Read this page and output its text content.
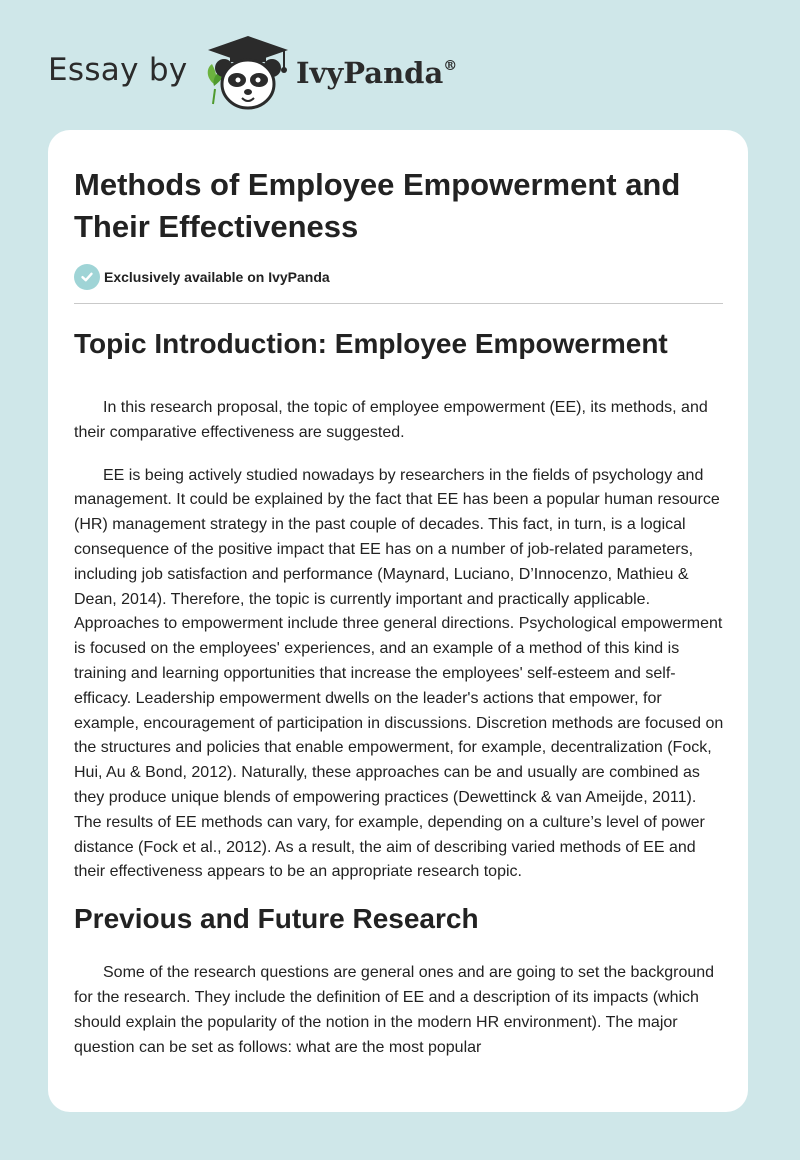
Essay by	IvyPanda®
Methods of Employee Empowerment and Their Effectiveness
Exclusively available on IvyPanda
Topic Introduction: Employee Empowerment

In this research proposal, the topic of employee empowerment (EE), its methods, and their comparative effectiveness are suggested.

EE is being actively studied nowadays by researchers in the fields of psychology and management. It could be explained by the fact that EE has been a popular human resource (HR) management strategy in the past couple of decades. This fact, in turn, is a logical consequence of the positive impact that EE has on a number of job-related parameters, including job satisfaction and performance (Maynard, Luciano, D’Innocenzo, Mathieu & Dean, 2014). Therefore, the topic is currently important and practically applicable. Approaches to empowerment include three general directions. Psychological empowerment is focused on the employees' experiences, and an example of a method of this kind is training and learning opportunities that increase the employees' self-esteem and self-efficacy. Leadership empowerment dwells on the leader's actions that empower, for example, encouragement of participation in discussions. Discretion methods are focused on the structures and policies that enable empowerment, for example, decentralization (Fock, Hui, Au & Bond, 2012). Naturally, these approaches can be and usually are combined as they produce unique blends of empowering practices (Dewettinck & van Ameijde, 2011). The results of EE methods can vary, for example, depending on a culture’s level of power distance (Fock et al., 2012). As a result, the aim of describing varied methods of EE and their effectiveness appears to be an appropriate research topic.

Previous and Future Research

Some of the research questions are general ones and are going to set the background for the research. They include the definition of EE and a description of its impacts (which should explain the popularity of the notion in the modern HR environment). The major question can be set as follows: what are the most popular
